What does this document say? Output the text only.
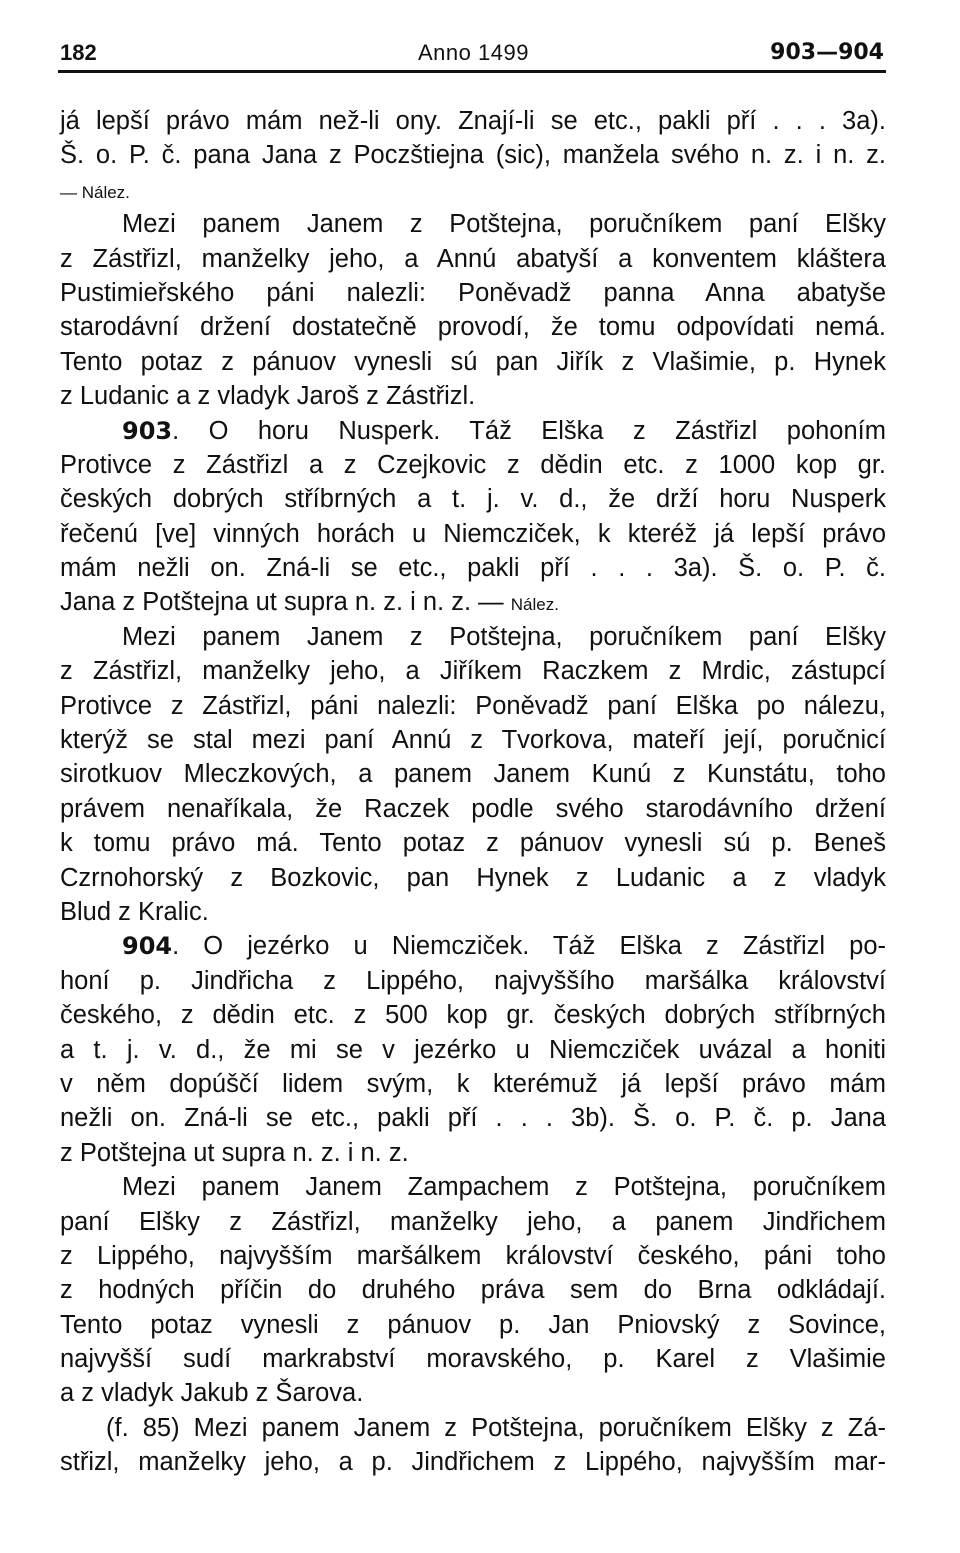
182	Anno 1499	903—904
já lepší právo mám než-li ony. Znají-li se etc., pakli pří . . . 3a).
Š. o. P. č. pana Jana z Poczštiejna (sic), manžela svého n. z. i n. z.
— Nález.
Mezi panem Janem z Potštejna, poručníkem paní Elšky
z Zástřizl, manželky jeho, a Annú abatyší a konventem kláštera
Pustimieřského páni nalezli: Poněvadž panna Anna abatyše
starodávní držení dostatečně provodí, že tomu odpovídati nemá.
Tento potaz z pánuov vynesli sú pan Jiřík z Vlašimie, p. Hynek
z Ludanic a z vladyk Jaroš z Zástřizl.
903. O horu Nusperk. Táž Elška z Zástřizl pohoním
Protivce z Zástřizl a z Czejkovic z dědin etc. z 1000 kop gr.
českých dobrých stříbrných a t. j. v. d., že drží horu Nusperk
řečenú [ve] vinných horách u Niemcziček, k kteréž já lepší právo
mám nežli on. Zná-li se etc., pakli pří . . . 3a). Š. o. P. č.
Jana z Potštejna ut supra n. z. i n. z. — Nález.
Mezi panem Janem z Potštejna, poručníkem paní Elšky
z Zástřizl, manželky jeho, a Jiříkem Raczkem z Mrdic, zástupcí
Protivce z Zástřizl, páni nalezli: Poněvadž paní Elška po nálezu,
kterýž se stal mezi paní Annú z Tvorkova, mateří její, poručnicí
sirotkuov Mleczkových, a panem Janem Kunú z Kunstátu, toho
právem nenaříkala, že Raczek podle svého starodávního držení
k tomu právo má. Tento potaz z pánuov vynesli sú p. Beneš
Czrnohorský z Bozkovic, pan Hynek z Ludanic a z vladyk
Blud z Kralic.
904. O jezérko u Niemcziček. Táž Elška z Zástřizl po-
honí p. Jindřicha z Lippého, najvyššího maršálka království
českého, z dědin etc. z 500 kop gr. českých dobrých stříbrných
a t. j. v. d., že mi se v jezérko u Niemcziček uvázal a honiti
v něm dopúščí lidem svým, k kterémuž já lepší právo mám
nežli on. Zná-li se etc., pakli pří . . . 3b). Š. o. P. č. p. Jana
z Potštejna ut supra n. z. i n. z.
Mezi panem Janem Zampachem z Potštejna, poručníkem
paní Elšky z Zástřizl, manželky jeho, a panem Jindřichem
z Lippého, najvyšším maršálkem království českého, páni toho
z hodných příčin do druhého práva sem do Brna odkládají.
Tento potaz vynesli z pánuov p. Jan Pniovský z Sovince,
najvyšší sudí markrabství moravského, p. Karel z Vlašimie
a z vladyk Jakub z Šarova.
(f. 85) Mezi panem Janem z Potštejna, poručníkem Elšky z Zá-
střizl, manželky jeho, a p. Jindřichem z Lippého, najvyšším mar-
